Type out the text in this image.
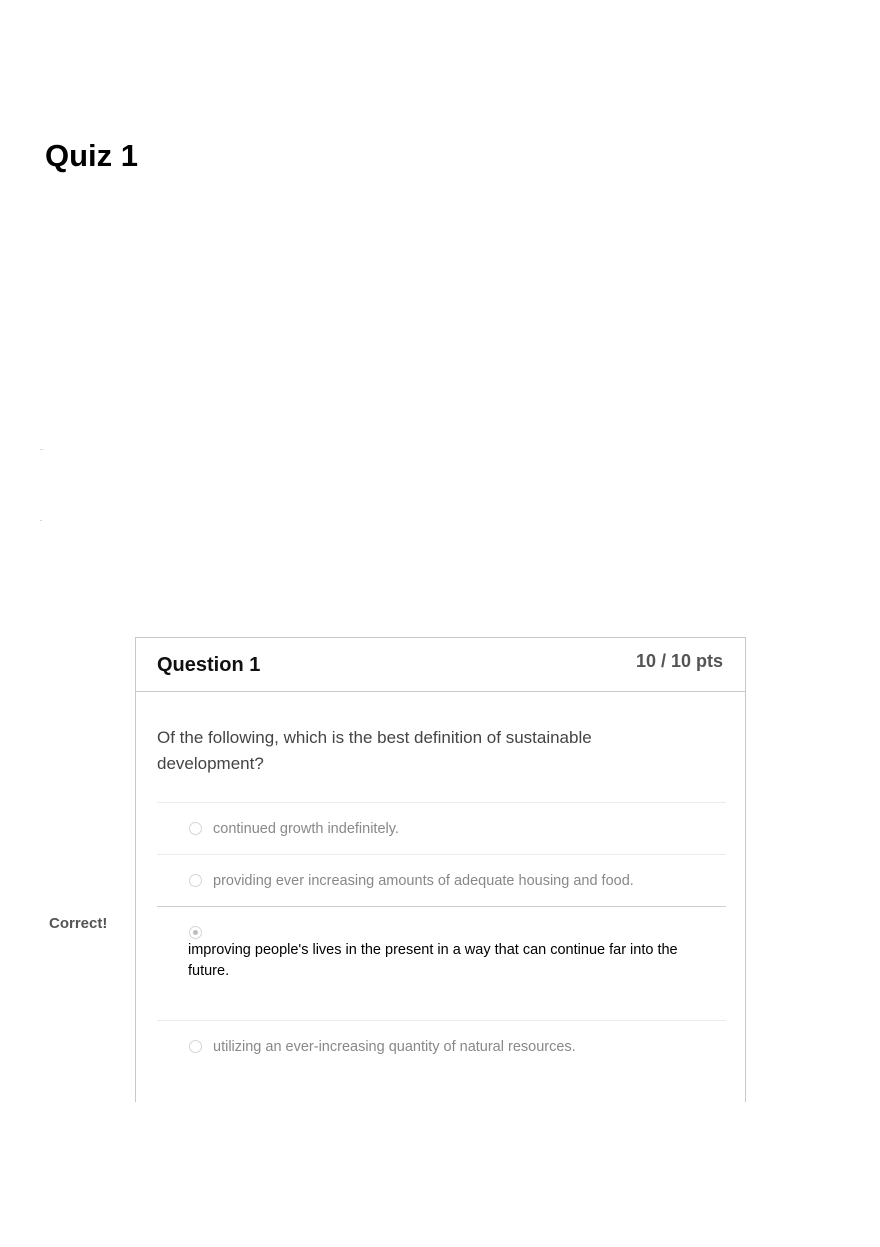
Quiz 1
Question 1	10 / 10 pts
Of the following, which is the best definition of sustainable development?
continued growth indefinitely.
providing ever increasing amounts of adequate housing and food.
utilizing an ever-increasing quantity of natural resources.
improving people's lives in the present in a way that can continue far into the future.
Correct!
